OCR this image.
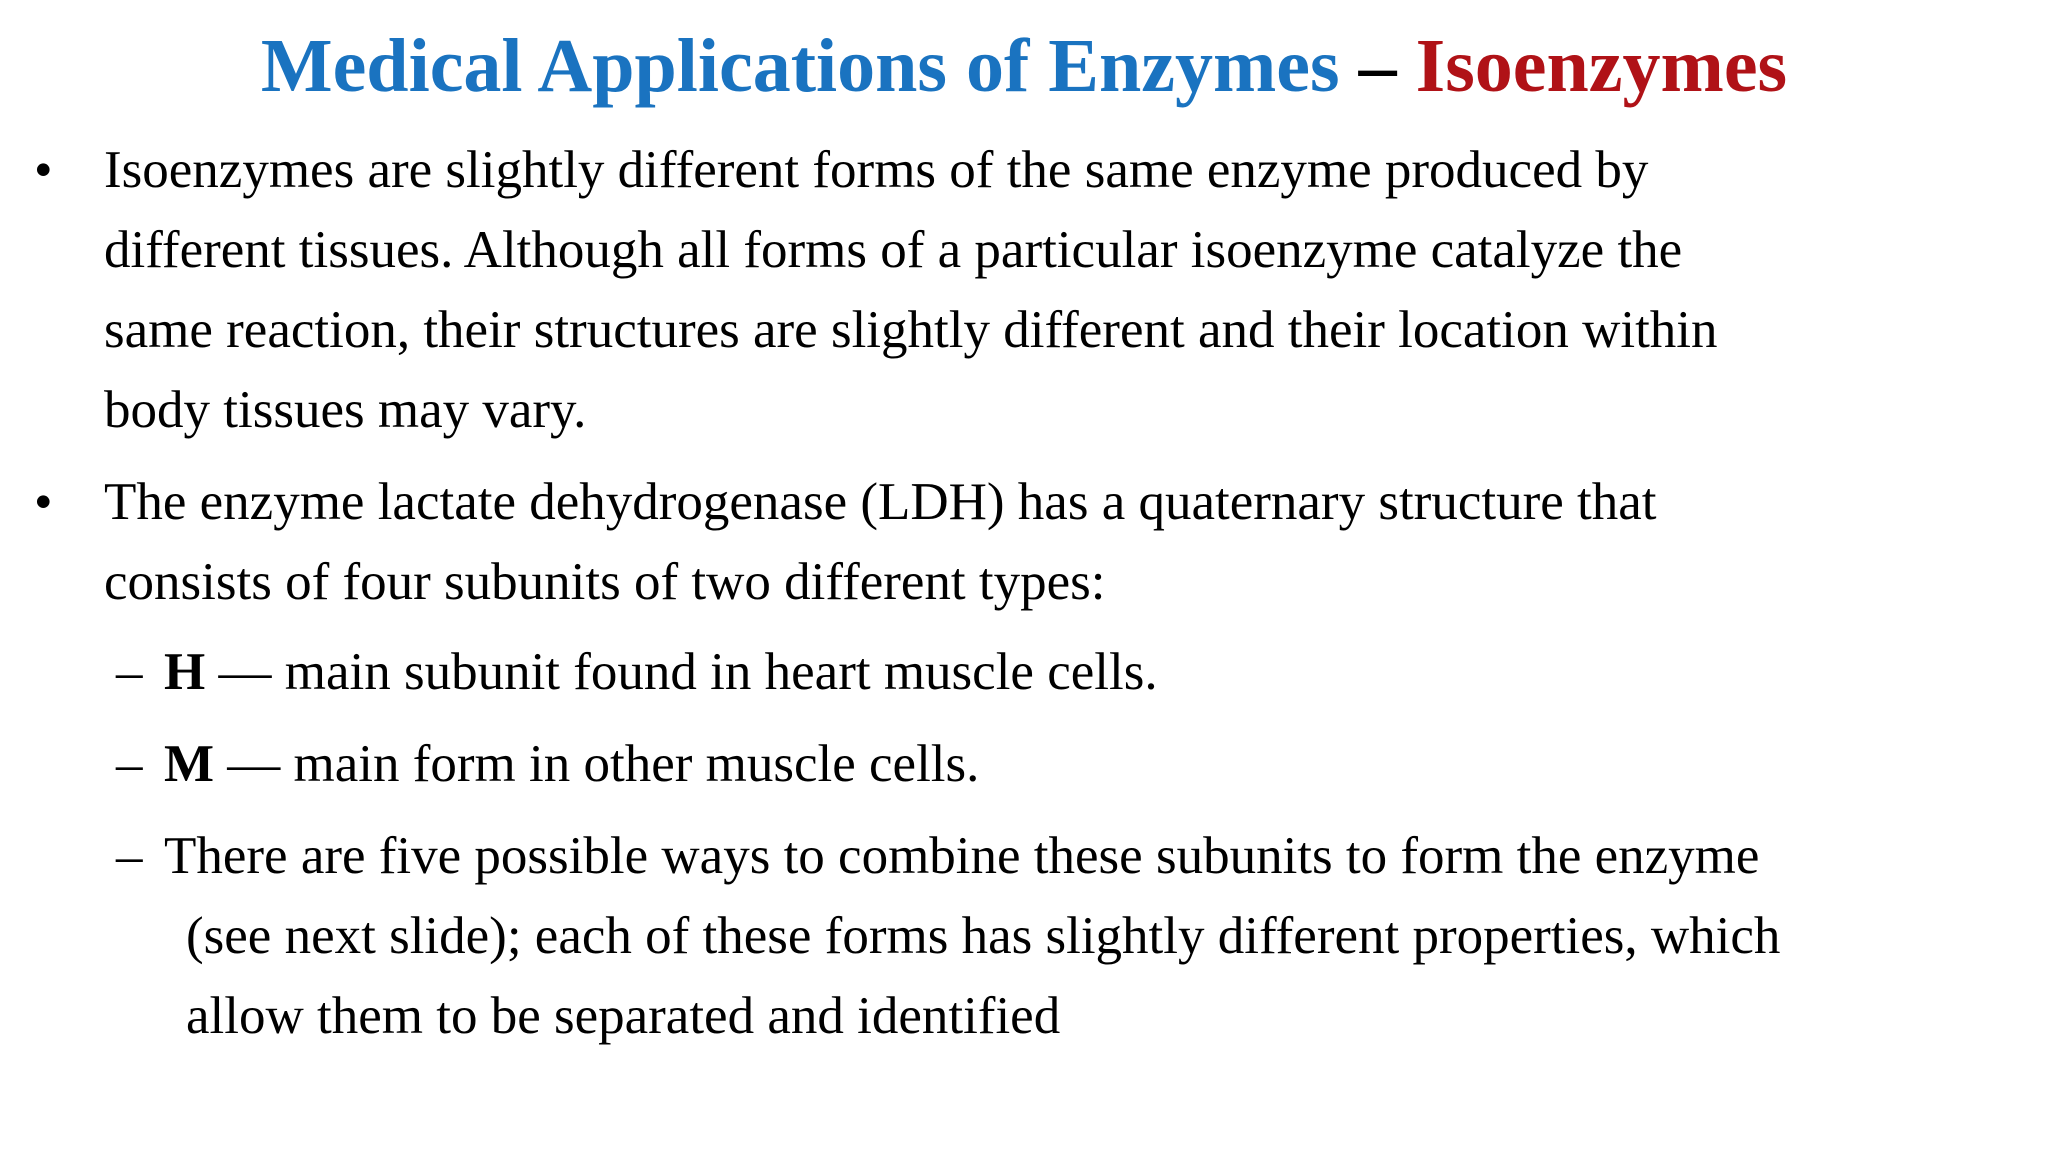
Medical Applications of Enzymes – Isoenzymes
• Isoenzymes are slightly different forms of the same enzyme produced by
different tissues. Although all forms of a particular isoenzyme catalyze the
same reaction, their structures are slightly different and their location within
body tissues may vary.
• The enzyme lactate dehydrogenase (LDH) has a quaternary structure that
consists of four subunits of two different types:
– H — main subunit found in heart muscle cells.
– M — main form in other muscle cells.
– There are five possible ways to combine these subunits to form the enzyme
(see next slide); each of these forms has slightly different properties, which
allow them to be separated and identified
